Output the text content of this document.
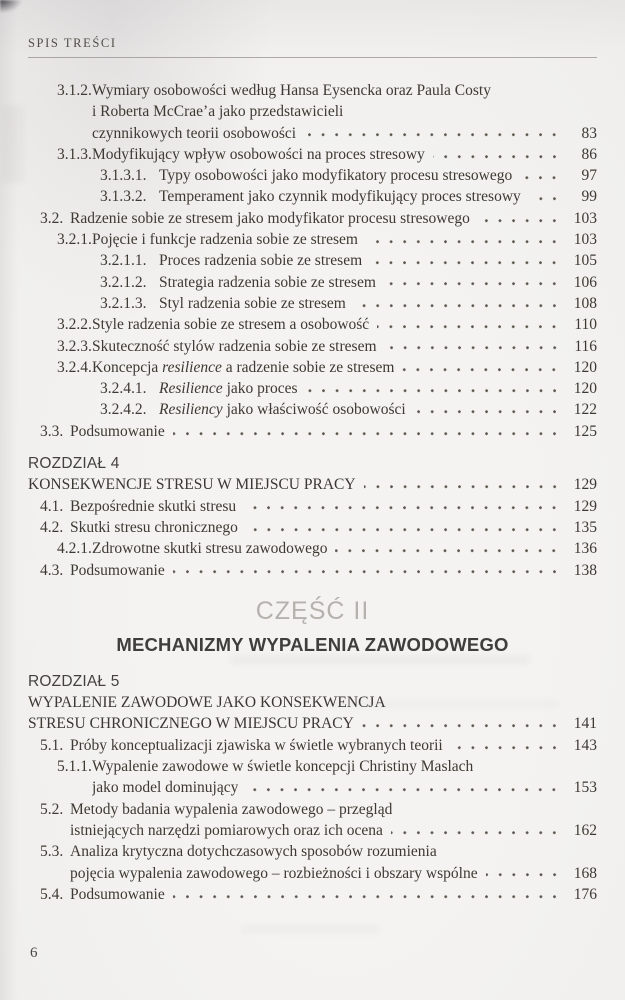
SPIS TREŚCI
3.1.2. Wymiary osobowości według Hansa Eysencka oraz Paula Costy
i Roberta McCrae’a jako przedstawicieli
czynnikowych teorii osobowości	83
3.1.3. Modyfikujący wpływ osobowości na proces stresowy	86
3.1.3.1. Typy osobowości jako modyfikatory procesu stresowego	97
3.1.3.2. Temperament jako czynnik modyfikujący proces stresowy	99
3.2. Radzenie sobie ze stresem jako modyfikator procesu stresowego	103
3.2.1. Pojęcie i funkcje radzenia sobie ze stresem	103
3.2.1.1. Proces radzenia sobie ze stresem	105
3.2.1.2. Strategia radzenia sobie ze stresem	106
3.2.1.3. Styl radzenia sobie ze stresem	108
3.2.2. Style radzenia sobie ze stresem a osobowość	110
3.2.3. Skuteczność stylów radzenia sobie ze stresem	116
3.2.4. Koncepcja resilience a radzenie sobie ze stresem	120
3.2.4.1. Resilience jako proces	120
3.2.4.2. Resiliency jako właściwość osobowości	122
3.3. Podsumowanie	125
ROZDZIAŁ 4
KONSEKWENCJE STRESU W MIEJSCU PRACY	129
4.1. Bezpośrednie skutki stresu	129
4.2. Skutki stresu chronicznego	135
4.2.1. Zdrowotne skutki stresu zawodowego	136
4.3. Podsumowanie	138
CZĘŚĆ II
MECHANIZMY WYPALENIA ZAWODOWEGO
ROZDZIAŁ 5
WYPALENIE ZAWODOWE JAKO KONSEKWENCJA
STRESU CHRONICZNEGO W MIEJSCU PRACY	141
5.1. Próby konceptualizacji zjawiska w świetle wybranych teorii	143
5.1.1. Wypalenie zawodowe w świetle koncepcji Christiny Maslach
jako model dominujący	153
5.2. Metody badania wypalenia zawodowego – przegląd
istniejących narzędzi pomiarowych oraz ich ocena	162
5.3. Analiza krytyczna dotychczasowych sposobów rozumienia
pojęcia wypalenia zawodowego – rozbieżności i obszary wspólne	168
5.4. Podsumowanie	176
6
